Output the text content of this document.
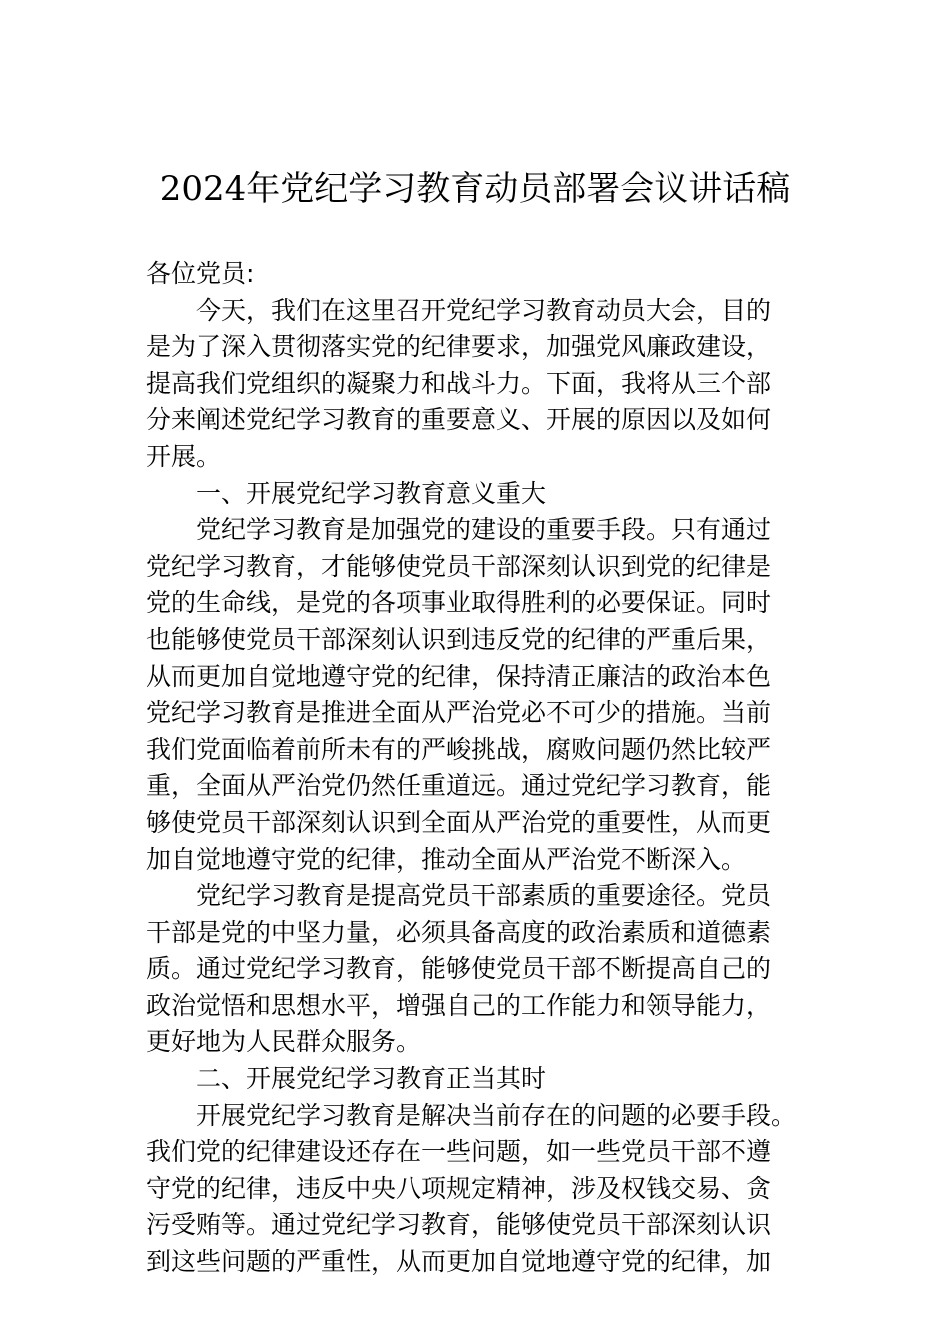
2024年党纪学习教育动员部署会议讲话稿
各位党员:
今天，我们在这里召开党纪学习教育动员大会，目的
是为了深入贯彻落实党的纪律要求，加强党风廉政建设，
提高我们党组织的凝聚力和战斗力。下面，我将从三个部
分来阐述党纪学习教育的重要意义、开展的原因以及如何
开展。
一、开展党纪学习教育意义重大
党纪学习教育是加强党的建设的重要手段。只有通过
党纪学习教育，才能够使党员干部深刻认识到党的纪律是
党的生命线，是党的各项事业取得胜利的必要保证。同时
也能够使党员干部深刻认识到违反党的纪律的严重后果，
从而更加自觉地遵守党的纪律，保持清正廉洁的政治本色
党纪学习教育是推进全面从严治党必不可少的措施。当前
我们党面临着前所未有的严峻挑战，腐败问题仍然比较严
重，全面从严治党仍然任重道远。通过党纪学习教育，能
够使党员干部深刻认识到全面从严治党的重要性，从而更
加自觉地遵守党的纪律，推动全面从严治党不断深入。
党纪学习教育是提高党员干部素质的重要途径。党员
干部是党的中坚力量，必须具备高度的政治素质和道德素
质。通过党纪学习教育，能够使党员干部不断提高自己的
政治觉悟和思想水平，增强自己的工作能力和领导能力，
更好地为人民群众服务。
二、开展党纪学习教育正当其时
开展党纪学习教育是解决当前存在的问题的必要手段。
我们党的纪律建设还存在一些问题，如一些党员干部不遵
守党的纪律，违反中央八项规定精神，涉及权钱交易、贪
污受贿等。通过党纪学习教育，能够使党员干部深刻认识
到这些问题的严重性，从而更加自觉地遵守党的纪律，加
